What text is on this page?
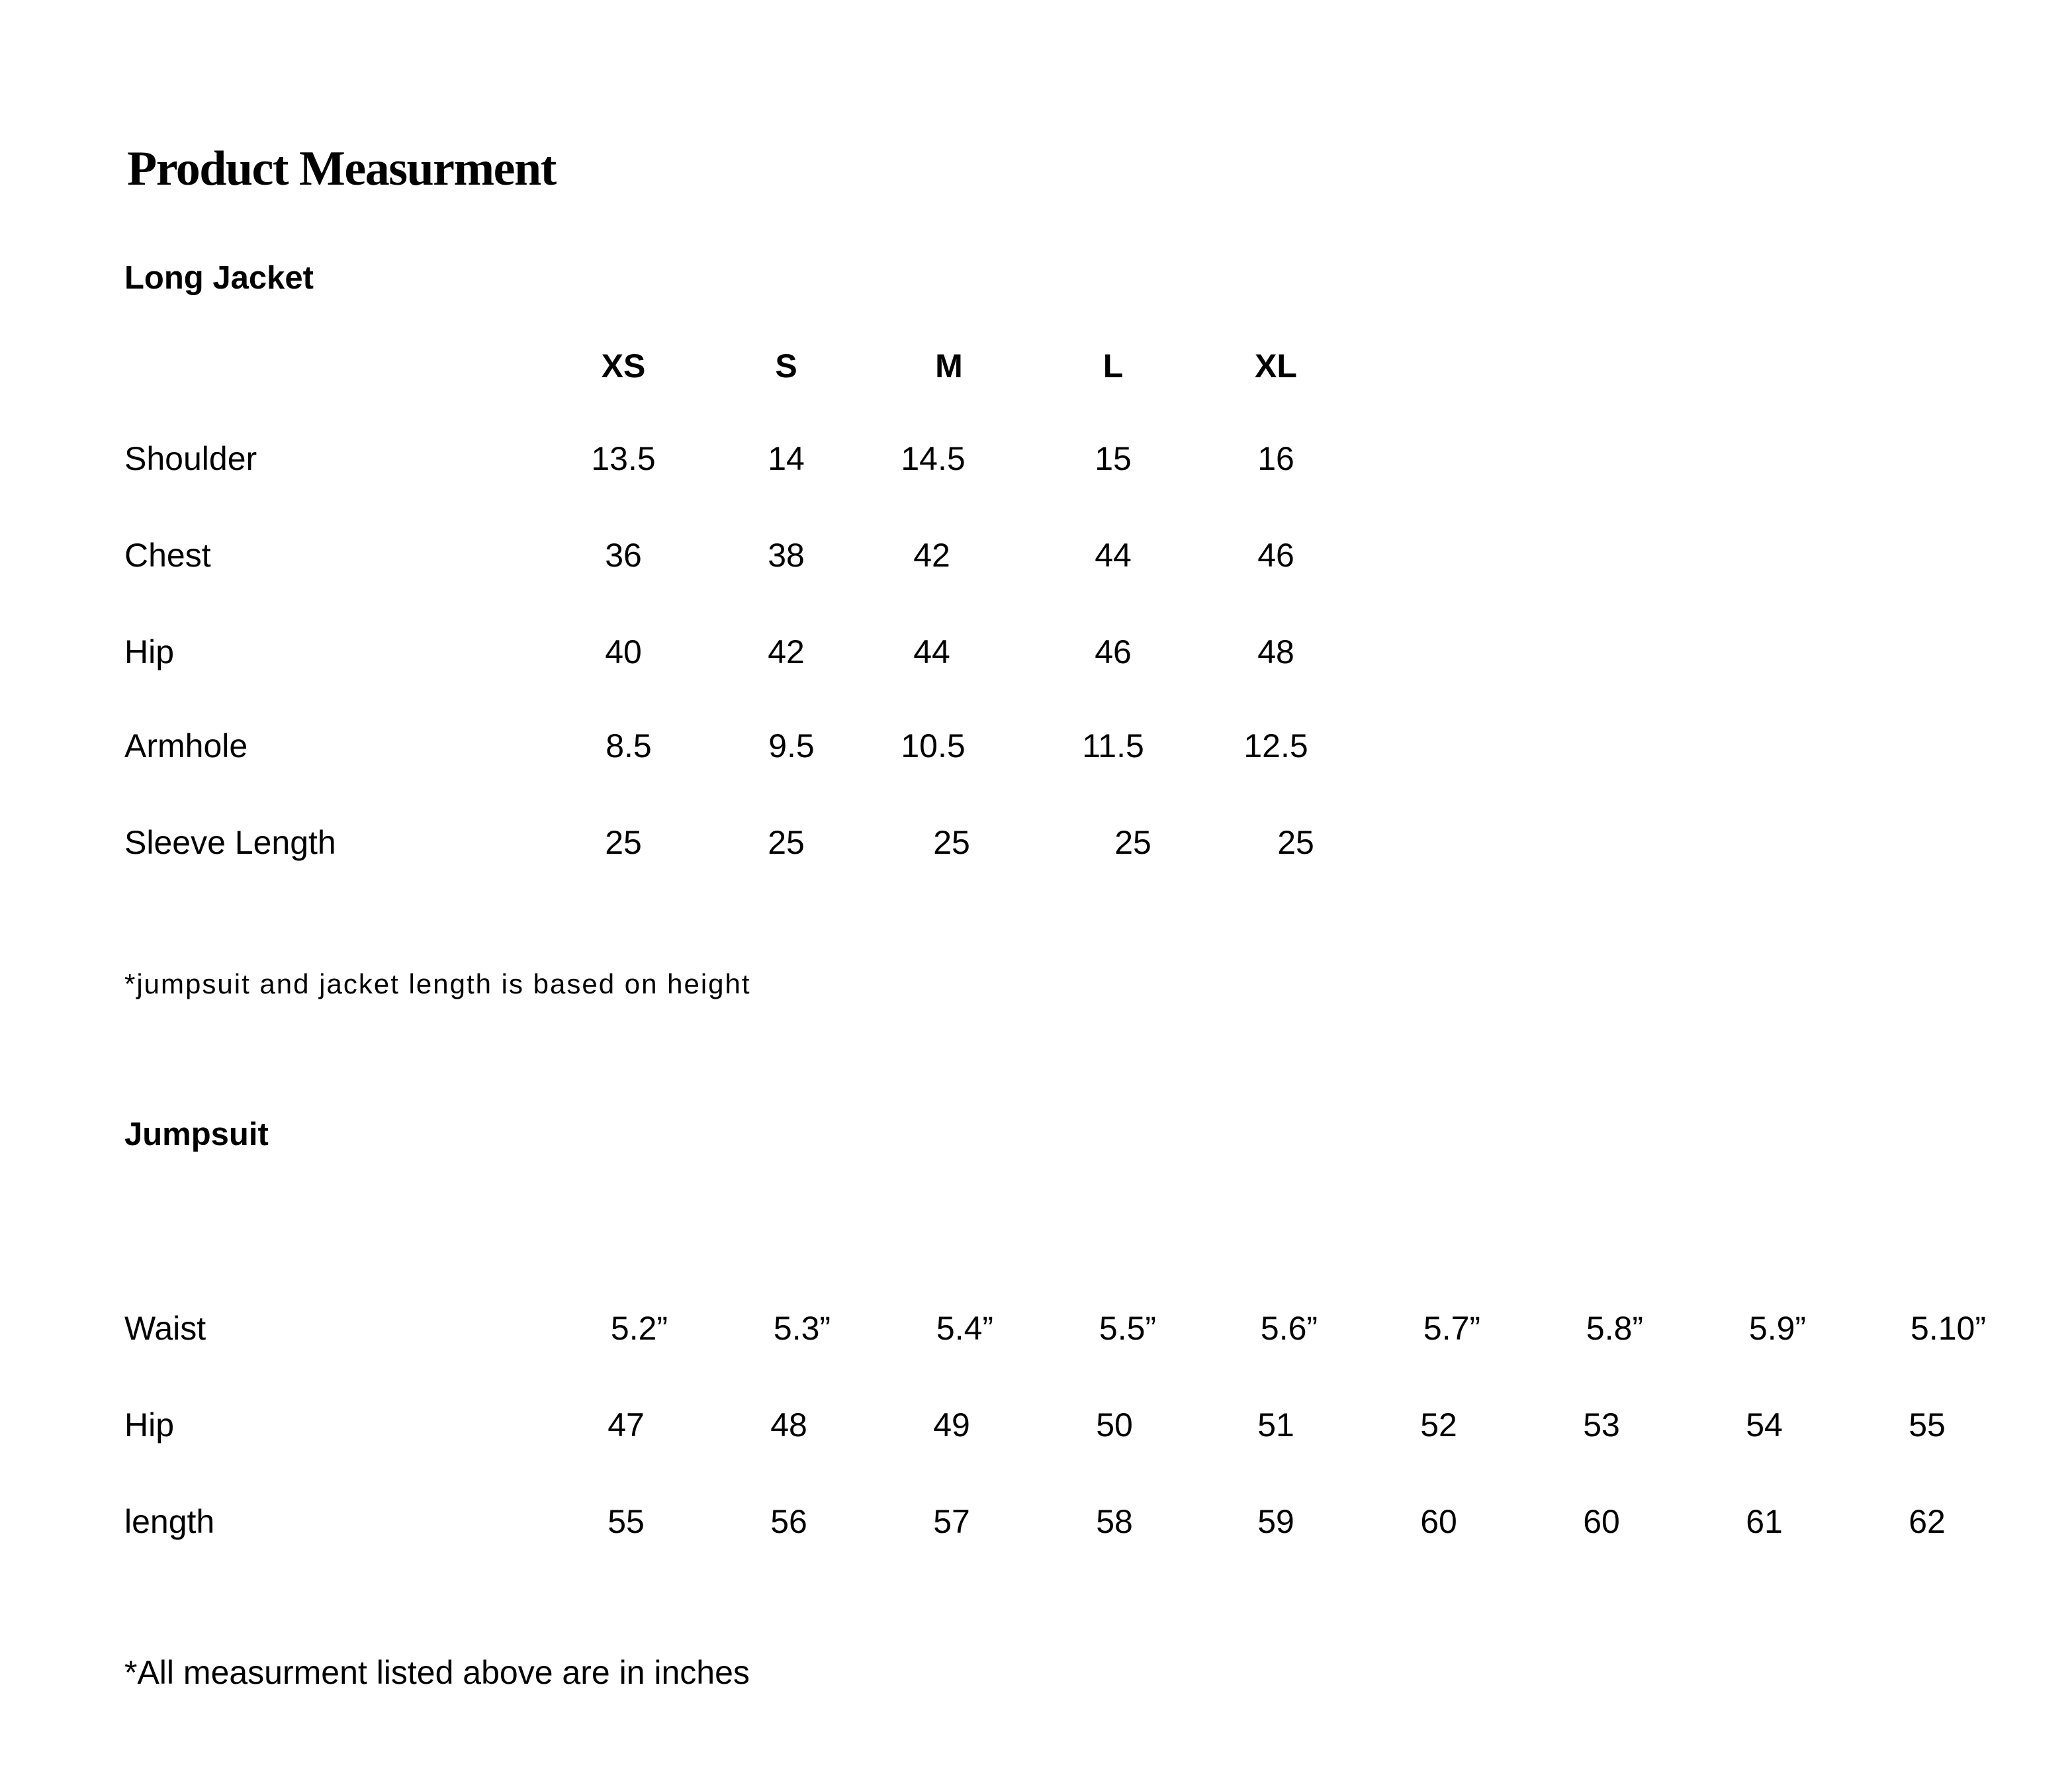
Product Measurment
Long Jacket
XS	S	M	L	XL
Shoulder	13.5	14	14.5	15	16
Chest	36	38	42	44	46
Hip	40	42	44	46	48
Armhole	8.5	9.5	10.5	11.5	12.5
Sleeve Length	25	25	25	25	25
*jumpsuit and jacket length is based on height
Jumpsuit
Waist	5.2”	5.3”	5.4”	5.5”	5.6”	5.7”	5.8”	5.9”	5.10”
Hip	47	48	49	50	51	52	53	54	55
length	55	56	57	58	59	60	60	61	62
*All measurment listed above are in inches
